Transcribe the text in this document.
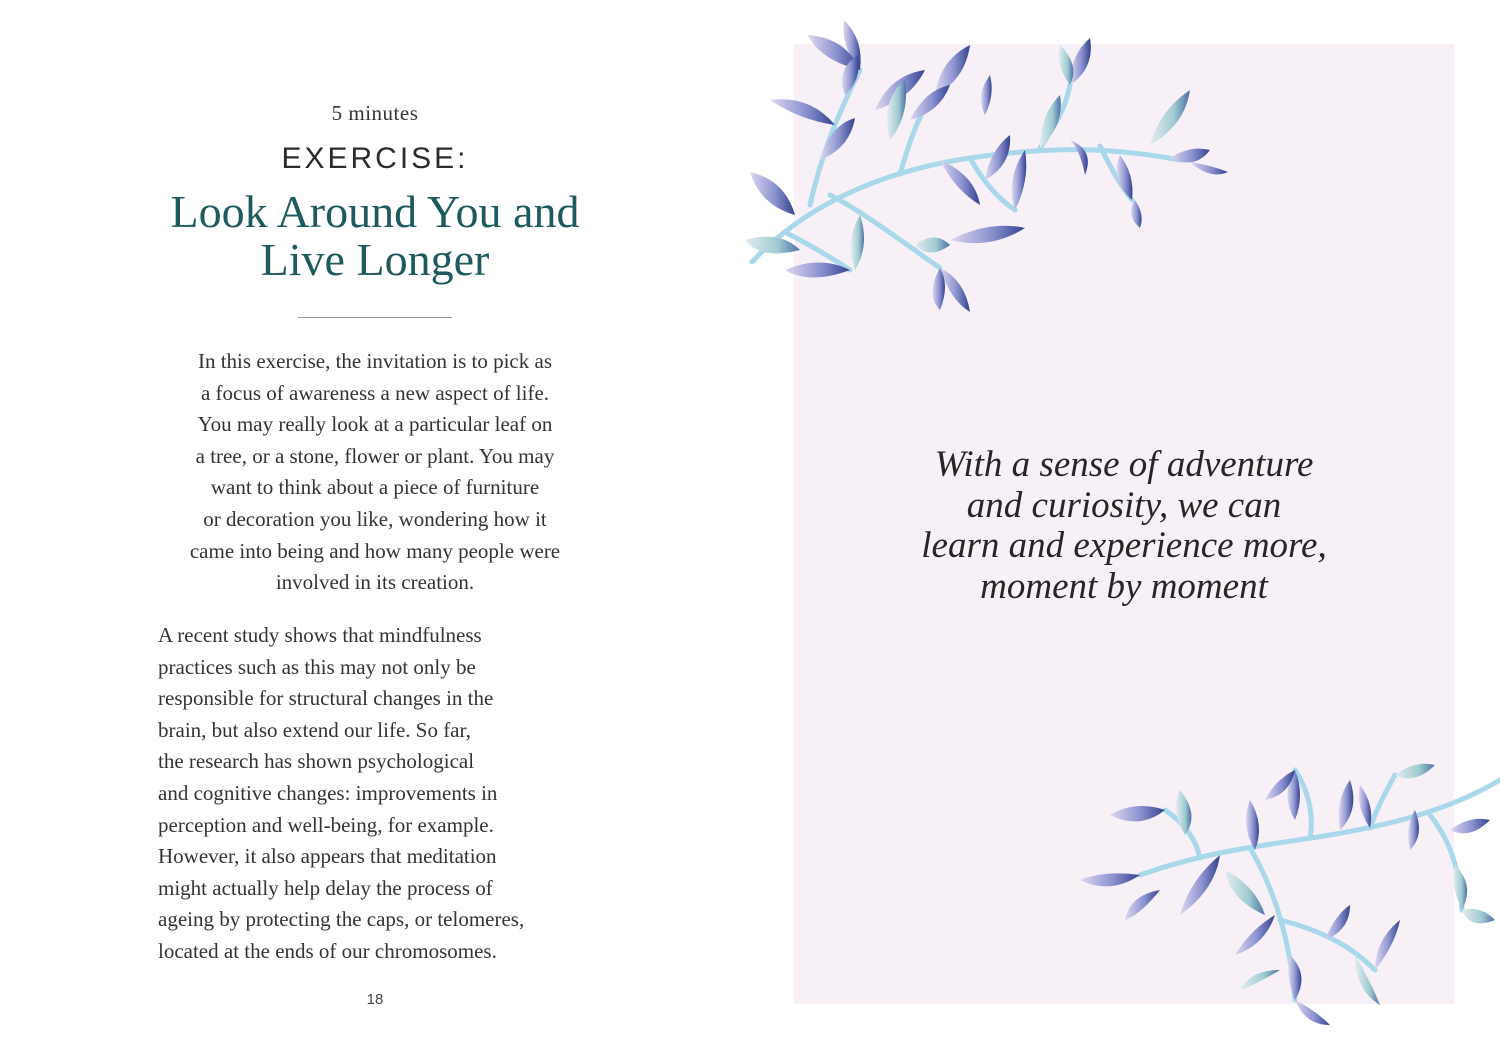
5 minutes
EXERCISE:
Look Around You and
Live Longer

In this exercise, the invitation is to pick as
a focus of awareness a new aspect of life.
You may really look at a particular leaf on
a tree, or a stone, flower or plant. You may
want to think about a piece of furniture
or decoration you like, wondering how it
came into being and how many people were
involved in its creation.

A recent study shows that mindfulness
practices such as this may not only be
responsible for structural changes in the
brain, but also extend our life. So far,
the research has shown psychological
and cognitive changes: improvements in
perception and well-being, for example.
However, it also appears that meditation
might actually help delay the process of
ageing by protecting the caps, or telomeres,
located at the ends of our chromosomes.

18

With a sense of adventure
and curiosity, we can
learn and experience more,
moment by moment
